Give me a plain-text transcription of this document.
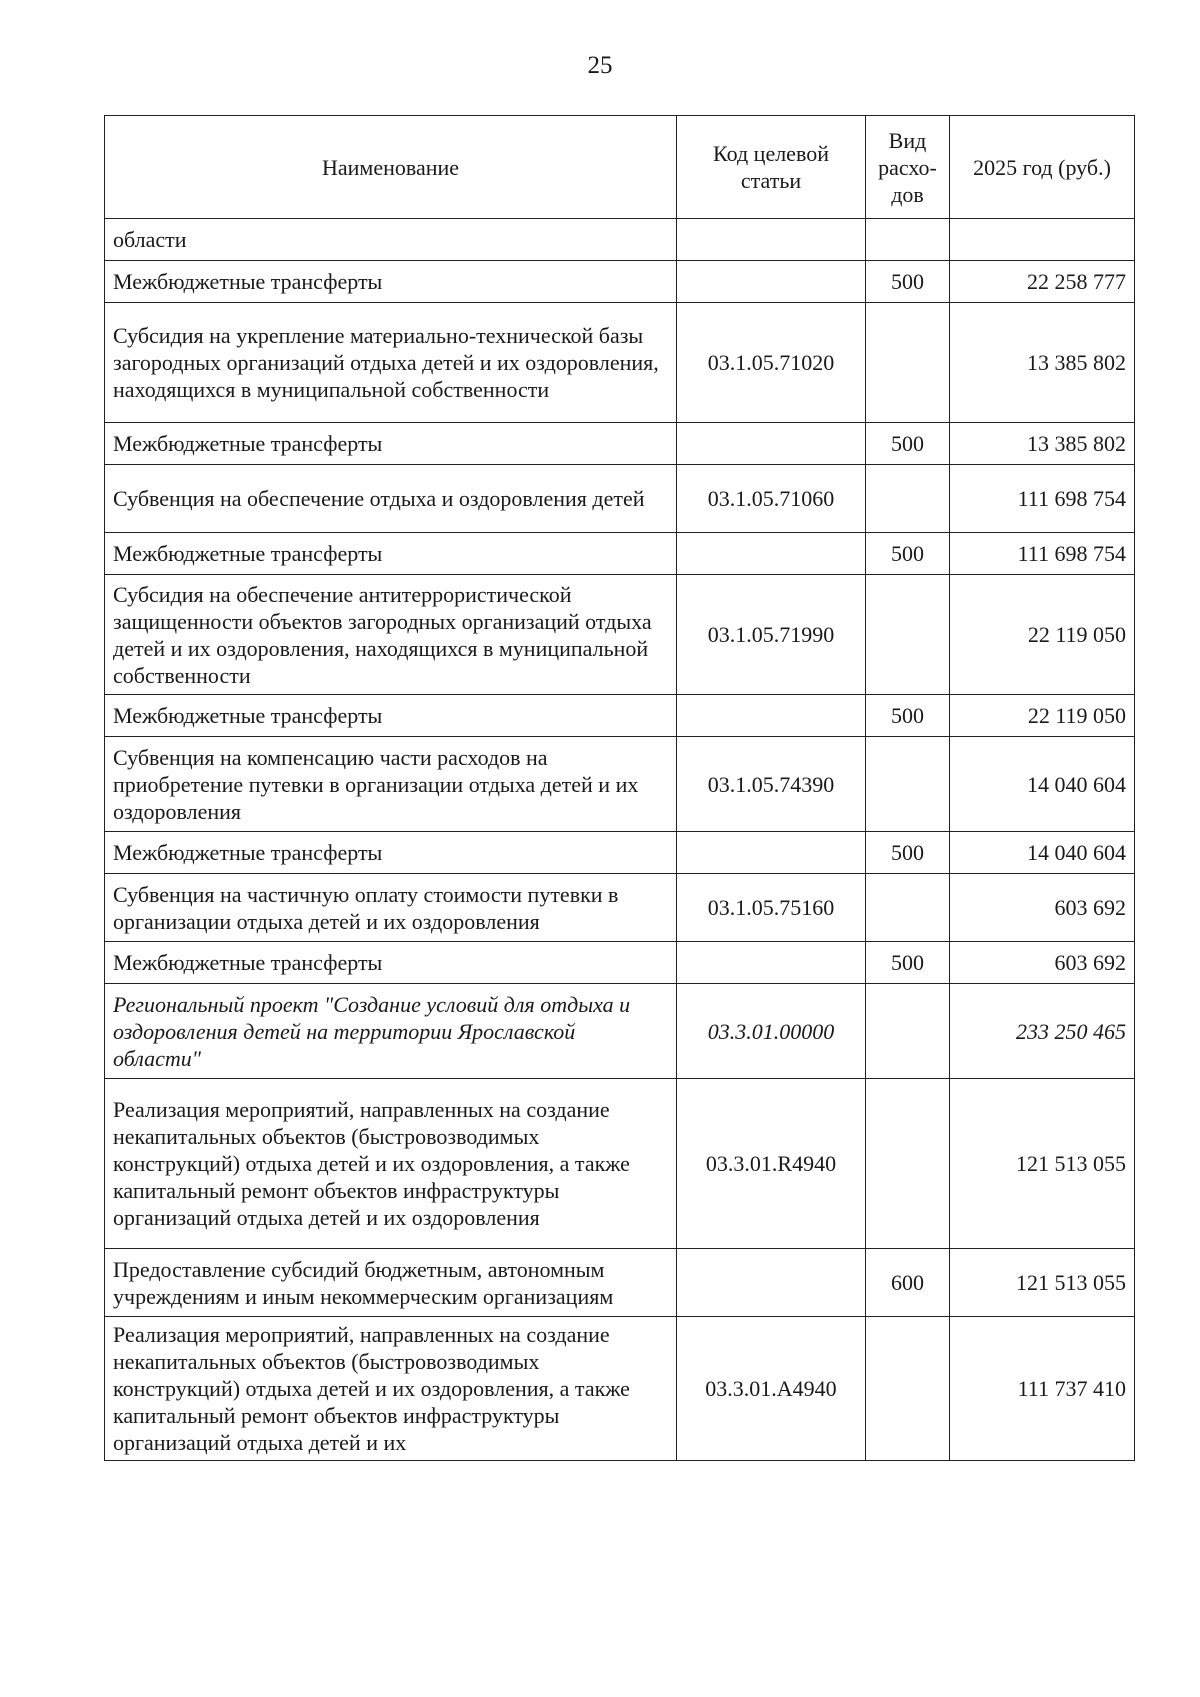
25
Наименование	Код целевой статьи	Вид расхо-дов	2025 год (руб.)
области			
Межбюджетные трансферты		500	22 258 777
Субсидия на укрепление материально-технической базы загородных организаций отдыха детей и их оздоровления, находящихся в муниципальной собственности	03.1.05.71020		13 385 802
Межбюджетные трансферты		500	13 385 802
Субвенция на обеспечение отдыха и оздоровления детей	03.1.05.71060		111 698 754
Межбюджетные трансферты		500	111 698 754
Субсидия на обеспечение антитеррористической защищенности объектов загородных организаций отдыха детей и их оздоровления, находящихся в муниципальной собственности	03.1.05.71990		22 119 050
Межбюджетные трансферты		500	22 119 050
Субвенция на компенсацию части расходов на приобретение путевки в организации отдыха детей и их оздоровления	03.1.05.74390		14 040 604
Межбюджетные трансферты		500	14 040 604
Субвенция на частичную оплату стоимости путевки в организации отдыха детей и их оздоровления	03.1.05.75160		603 692
Межбюджетные трансферты		500	603 692
Региональный проект "Создание условий для отдыха и оздоровления детей на территории Ярославской области"	03.3.01.00000		233 250 465
Реализация мероприятий, направленных на создание некапитальных объектов (быстровозводимых конструкций) отдыха детей и их оздоровления, а также капитальный ремонт объектов инфраструктуры организаций отдыха детей и их оздоровления	03.3.01.R4940		121 513 055
Предоставление субсидий бюджетным, автономным учреждениям и иным некоммерческим организациям		600	121 513 055
Реализация мероприятий, направленных на создание некапитальных объектов (быстровозводимых конструкций) отдыха детей и их оздоровления, а также капитальный ремонт объектов инфраструктуры организаций отдыха детей и их	03.3.01.A4940		111 737 410
